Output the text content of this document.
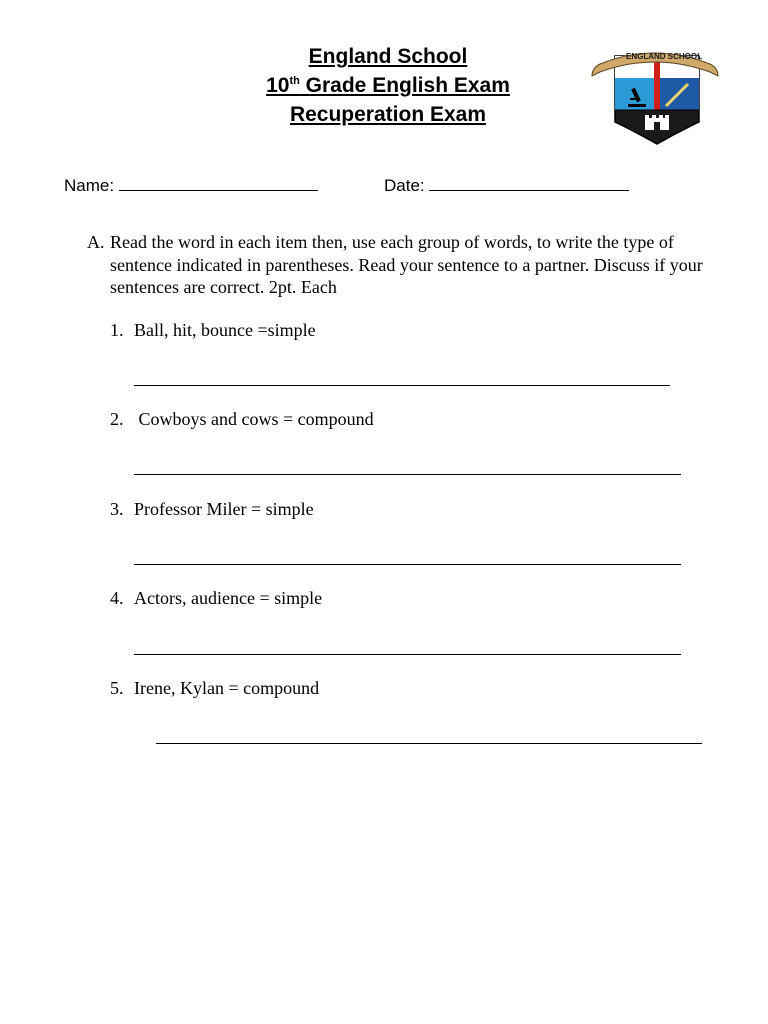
England School
10th Grade English Exam
Recuperation Exam
ENGLAND SCHOOL
Name:	Date:
A. Read the word in each item then, use each group of words, to write the type of sentence indicated in parentheses. Read your sentence to a partner. Discuss if your sentences are correct. 2pt. Each
1. Ball, hit, bounce =simple
2. Cowboys and cows = compound
3. Professor Miler = simple
4. Actors, audience = simple
5. Irene, Kylan = compound
